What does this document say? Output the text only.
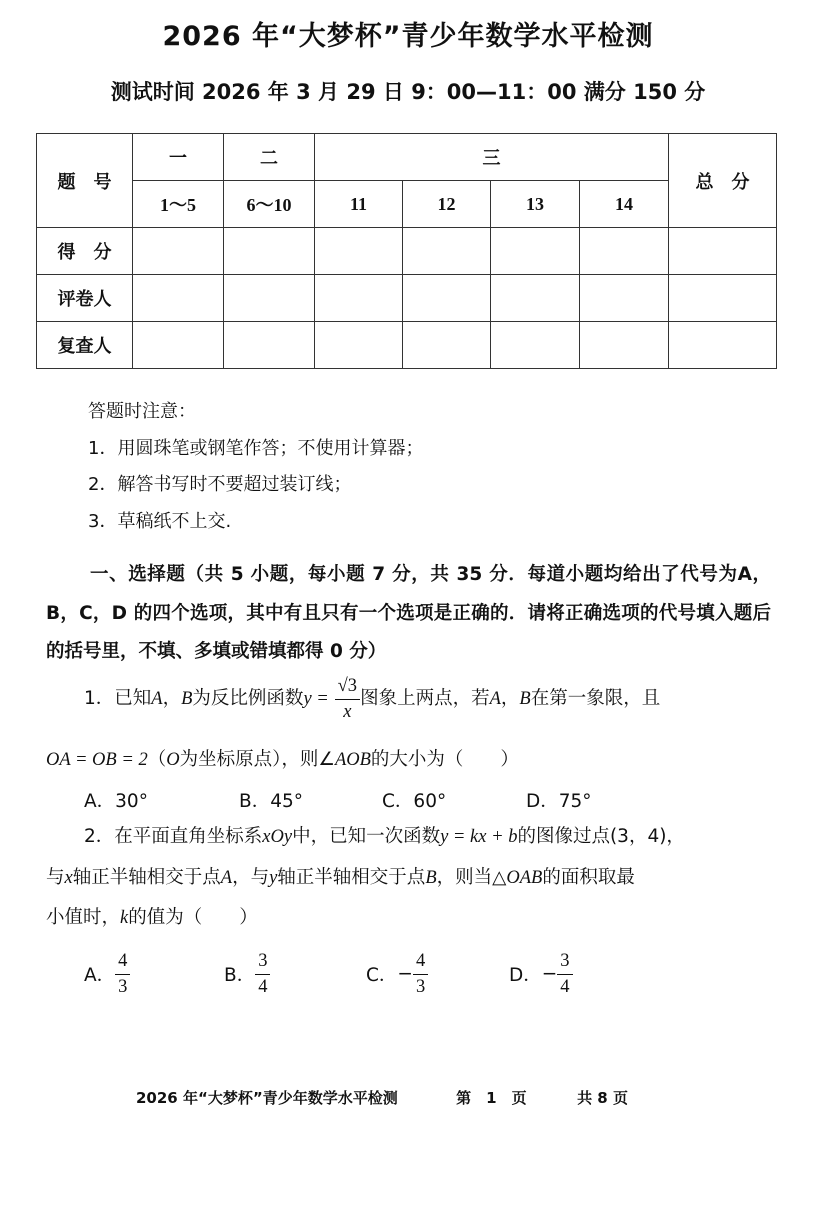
2026 年“大梦杯”青少年数学水平检测
测试时间 2026 年 3 月 29 日 9：00—11：00 满分 150 分
题　号	一	二	三				总　分
	1～5	6～10	11	12	13	14	
得　分							
评卷人							
复查人							
答题时注意：
1．用圆珠笔或钢笔作答；不使用计算器；
2．解答书写时不要超过装订线；
3．草稿纸不上交.

一、选择题（共 5 小题，每小题 7 分，共 35 分．每道小题均给出了代号为A，B，C，D 的四个选项，其中有且只有一个选项是正确的．请将正确选项的代号填入题后的括号里，不填、多填或错填都得 0 分）

1．已知A，B为反比例函数$y = \frac{√3}{x}$ 图象上两点，若A，B在第一象限，且
OA = OB = 2（O为坐标原点），则∠AOB的大小为（　　）
A．30°	B．45°	C．60°	D．75°
2．在平面直角坐标系xOy中，已知一次函数y = kx + b的图像过点(3，4)，
与x轴正半轴相交于点A，与y轴正半轴相交于点B，则当△OAB的面积取最
小值时，k的值为（　　）
A． $\frac{4}{3}$	B． $\frac{3}{4}$	C．− $\frac{4}{3}$	D．− $\frac{3}{4}$
2026 年“大梦杯”青少年数学水平检测	第　1　页	共 8 页
